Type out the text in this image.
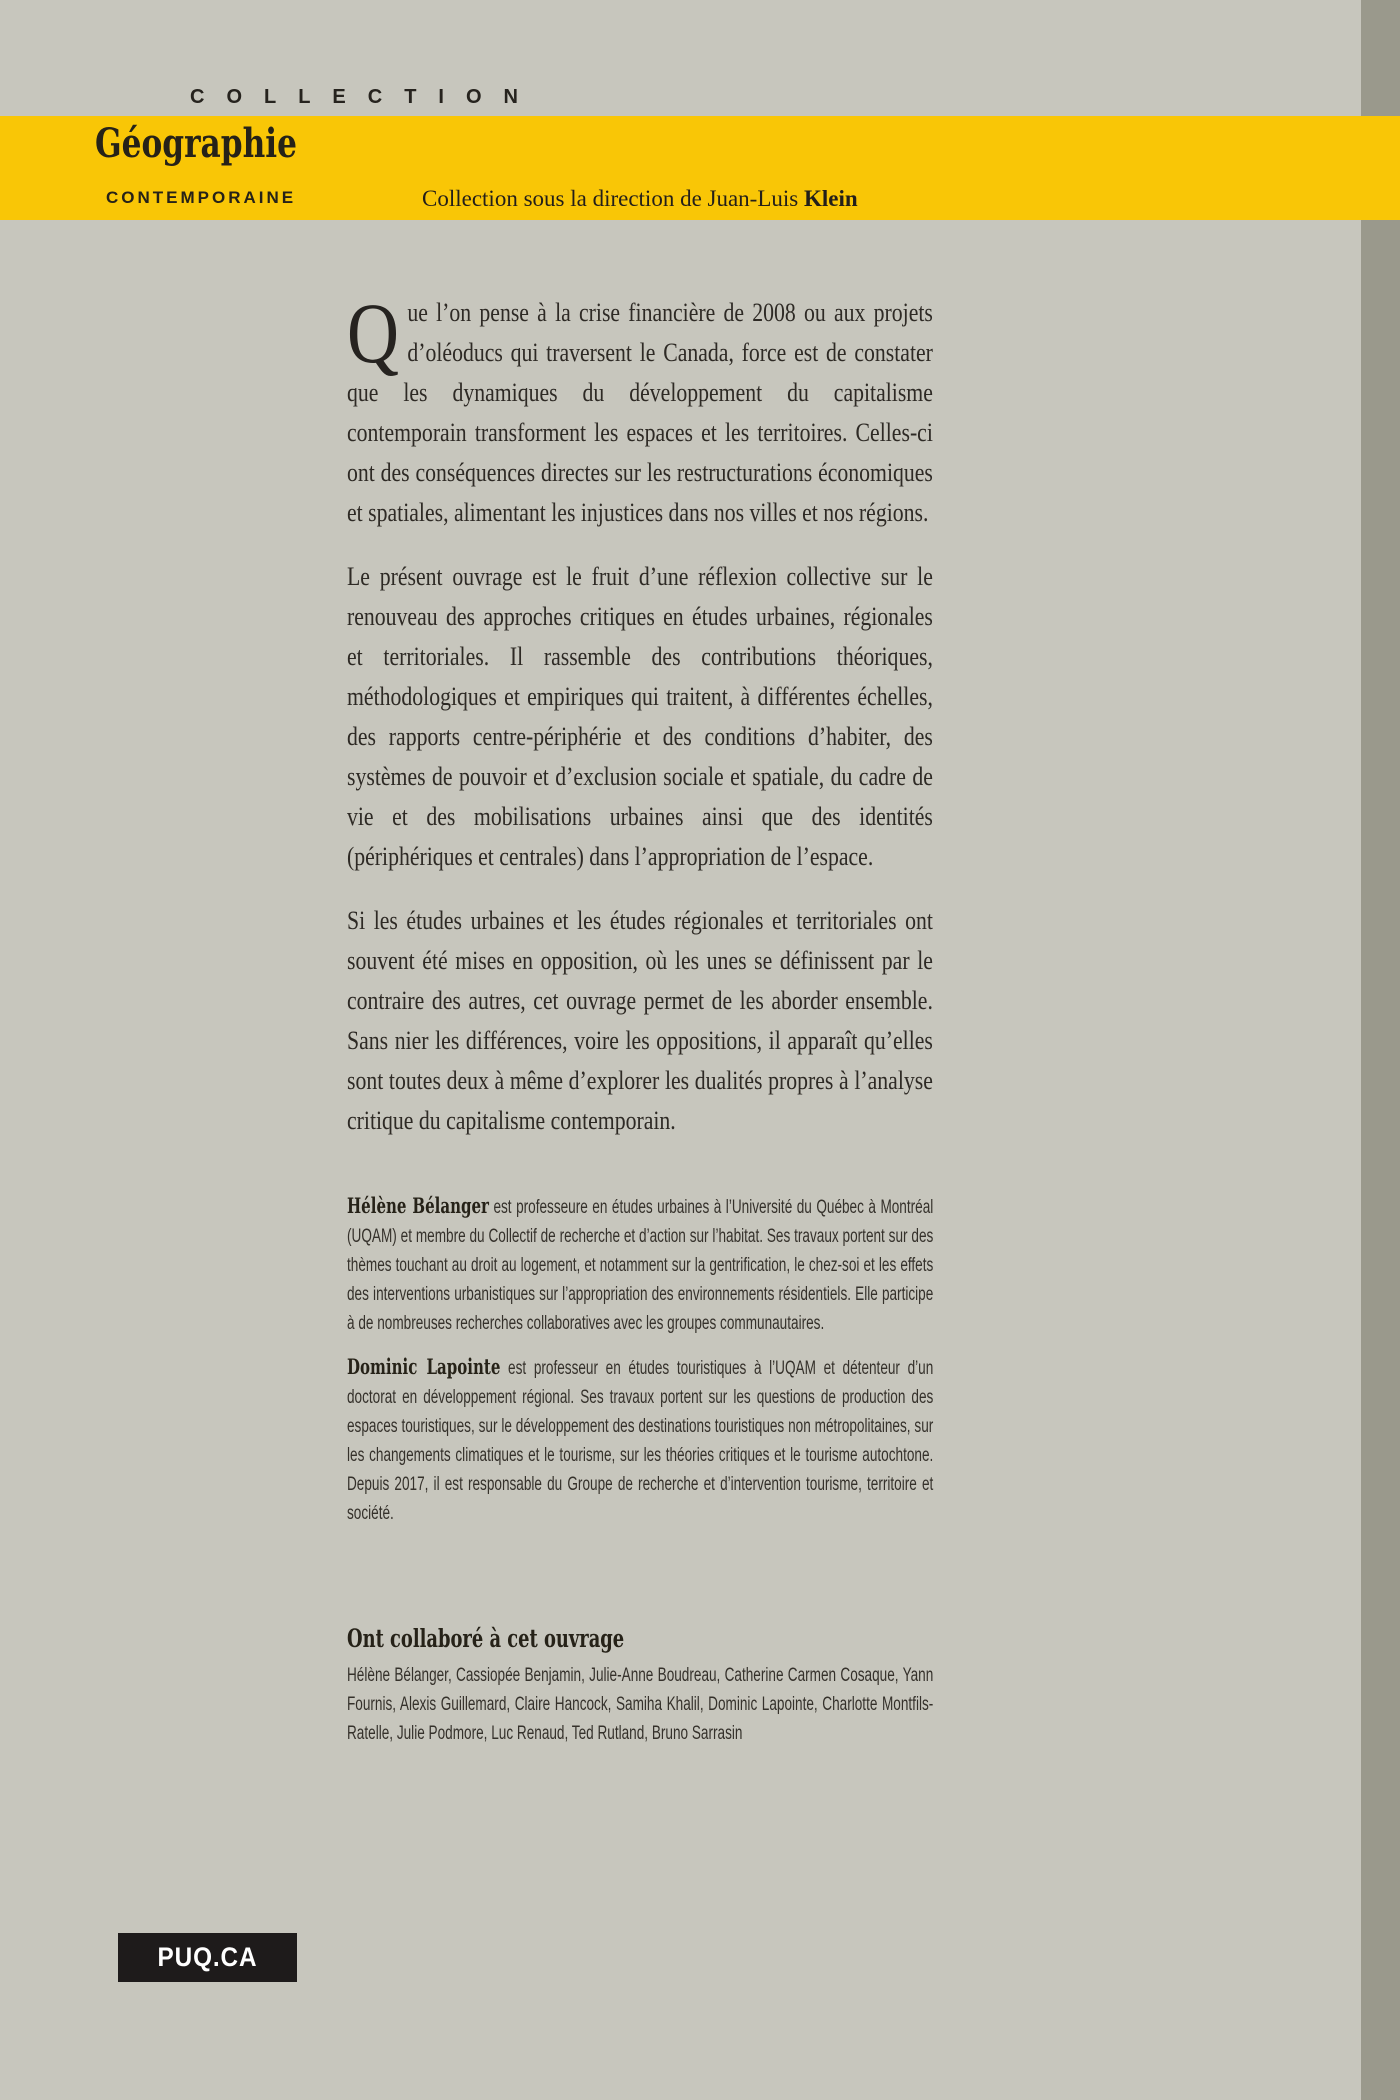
COLLECTION
Géographie
CONTEMPORAINE	Collection sous la direction de Juan-Luis Klein

Que l’on pense à la crise financière de 2008 ou aux projets d’oléoducs qui traversent le Canada, force est de constater que les dynamiques du développement du capitalisme contemporain transforment les espaces et les territoires. Celles-ci ont des conséquences directes sur les restructurations économiques et spatiales, alimentant les injustices dans nos villes et nos régions.

Le présent ouvrage est le fruit d’une réflexion collective sur le renouveau des approches critiques en études urbaines, régionales et territoriales. Il rassemble des contributions théoriques, méthodologiques et empiriques qui traitent, à différentes échelles, des rapports centre-périphérie et des conditions d’habiter, des systèmes de pouvoir et d’exclusion sociale et spatiale, du cadre de vie et des mobilisations urbaines ainsi que des identités (périphériques et centrales) dans l’appropriation de l’espace.

Si les études urbaines et les études régionales et territoriales ont souvent été mises en opposition, où les unes se définissent par le contraire des autres, cet ouvrage permet de les aborder ensemble. Sans nier les différences, voire les oppositions, il apparaît qu’elles sont toutes deux à même d’explorer les dualités propres à l’analyse critique du capitalisme contemporain.

Hélène Bélanger est professeure en études urbaines à l’Université du Québec à Montréal (UQAM) et membre du Collectif de recherche et d’action sur l’habitat. Ses travaux portent sur des thèmes touchant au droit au logement, et notamment sur la gentrification, le chez-soi et les effets des interventions urbanistiques sur l’appropriation des environnements résidentiels. Elle participe à de nombreuses recherches collaboratives avec les groupes communautaires.

Dominic Lapointe est professeur en études touristiques à l’UQAM et détenteur d’un doctorat en développement régional. Ses travaux portent sur les questions de production des espaces touristiques, sur le développement des destinations touristiques non métropolitaines, sur les changements climatiques et le tourisme, sur les théories critiques et le tourisme autochtone. Depuis 2017, il est responsable du Groupe de recherche et d’intervention tourisme, territoire et société.

Ont collaboré à cet ouvrage

Hélène Bélanger, Cassiopée Benjamin, Julie-Anne Boudreau, Catherine Carmen Cosaque, Yann Fournis, Alexis Guillemard, Claire Hancock, Samiha Khalil, Dominic Lapointe, Charlotte Montfils-Ratelle, Julie Podmore, Luc Renaud, Ted Rutland, Bruno Sarrasin

PUQ.CA
